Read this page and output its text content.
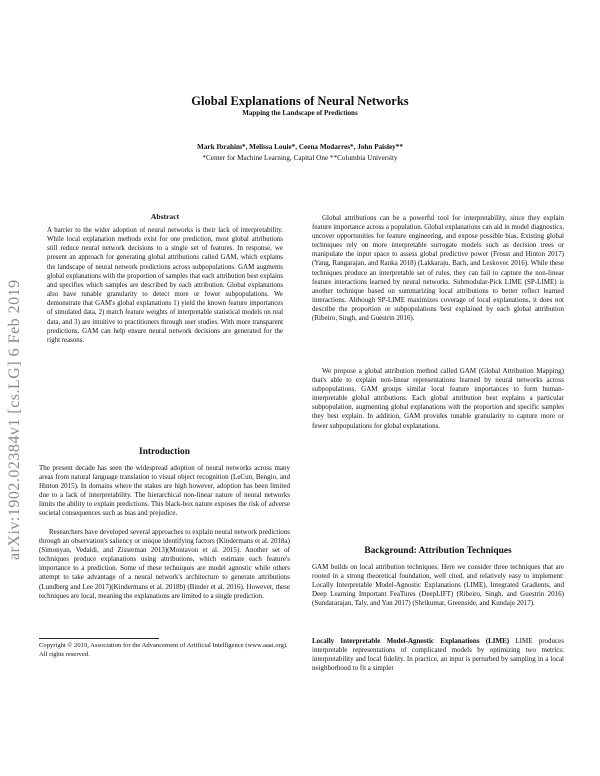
arXiv:1902.02384v1 [cs.LG] 6 Feb 2019
Global Explanations of Neural Networks
Mapping the Landscape of Predictions
Mark Ibrahim*, Melissa Louie*, Ceena Modarres*, John Paisley**
*Center for Machine Learning, Capital One **Columbia University
Abstract

A barrier to the wider adoption of neural networks is their lack of interpretability. While local explanation methods exist for one prediction, most global attributions still reduce neural network decisions to a single set of features. In response, we present an approach for generating global attributions called GAM, which explains the landscape of neural network predictions across subpopulations. GAM augments global explanations with the proportion of samples that each attribution best explains and specifies which samples are described by each attribution. Global explanations also have tunable granularity to detect more or fewer subpopulations. We demonstrate that GAM's global explanations 1) yield the known feature importances of simulated data, 2) match feature weights of interpretable statistical models on real data, and 3) are intuitive to practitioners through user studies. With more transparent predictions, GAM can help ensure neural network decisions are generated for the right reasons.

Introduction

The present decade has seen the widespread adoption of neural networks across many areas from natural language translation to visual object recognition (LeCun, Bengio, and Hinton 2015). In domains where the stakes are high however, adoption has been limited due to a lack of interpretability. The hierarchical non-linear nature of neural networks limits the ability to explain predictions. This black-box nature exposes the risk of adverse societal consequences such as bias and prejudice.

Researchers have developed several approaches to explain neural network predictions through an observation's saliency or unique identifying factors (Kindermans et al. 2018a)(Simonyan, Vedaldi, and Zisserman 2013)(Montavon et al. 2015). Another set of techniques produce explanations using attributions, which estimate each feature's importance to a prediction. Some of these techniques are model agnostic while others attempt to take advantage of a neural network's architecture to generate attributions (Lundberg and Lee 2017)(Kindermans et al. 2018b) (Binder et al. 2016). However, these techniques are local, meaning the explanations are limited to a single prediction.

Copyright © 2019, Association for the Advancement of Artificial Intelligence (www.aaai.org). All rights reserved.

Global attributions can be a powerful tool for interpretability, since they explain feature importance across a population. Global explanations can aid in model diagnostics, uncover opportunities for feature engineering, and expose possible bias. Existing global techniques rely on more interpretable surrogate models such as decision trees or manipulate the input space to assess global predictive power (Frosst and Hinton 2017) (Yang, Rangarajan, and Ranka 2018) (Lakkaraju, Bach, and Leskovec 2016). While these techniques produce an interpretable set of rules, they can fail to capture the non-linear feature interactions learned by neural networks. Submodular-Pick LIME (SP-LIME) is another technique based on summarizing local attributions to better reflect learned interactions. Although SP-LIME maximizes coverage of local explanations, it does not describe the proportion or subpopulations best explained by each global attribution (Ribeiro, Singh, and Guestrin 2016).

We propose a global attribution method called GAM (Global Attribution Mapping) that's able to explain non-linear representations learned by neural networks across subpopulations. GAM groups similar local feature importances to form human-interpretable global attributions. Each global attribution best explains a particular subpopulation, augmenting global explanations with the proportion and specific samples they best explain. In addition, GAM provides tunable granularity to capture more or fewer subpopulations for global explanations.

Background: Attribution Techniques

GAM builds on local attribution techniques. Here we consider three techniques that are rooted in a strong theoretical foundation, well cited, and relatively easy to implement: Locally Interpretable Model-Agnostic Explanations (LIME), Integrated Gradients, and Deep Learning Important FeaTures (DeepLIFT) (Ribeiro, Singh, and Guestrin 2016) (Sundararajan, Taly, and Yan 2017) (Shrikumar, Greenside, and Kundaje 2017).

Locally Interpretable Model-Agnostic Explanations (LIME) LIME produces interpretable representations of complicated models by optimizing two metrics: interpretability and local fidelity. In practice, an input is perturbed by sampling in a local neighborhood to fit a simpler
